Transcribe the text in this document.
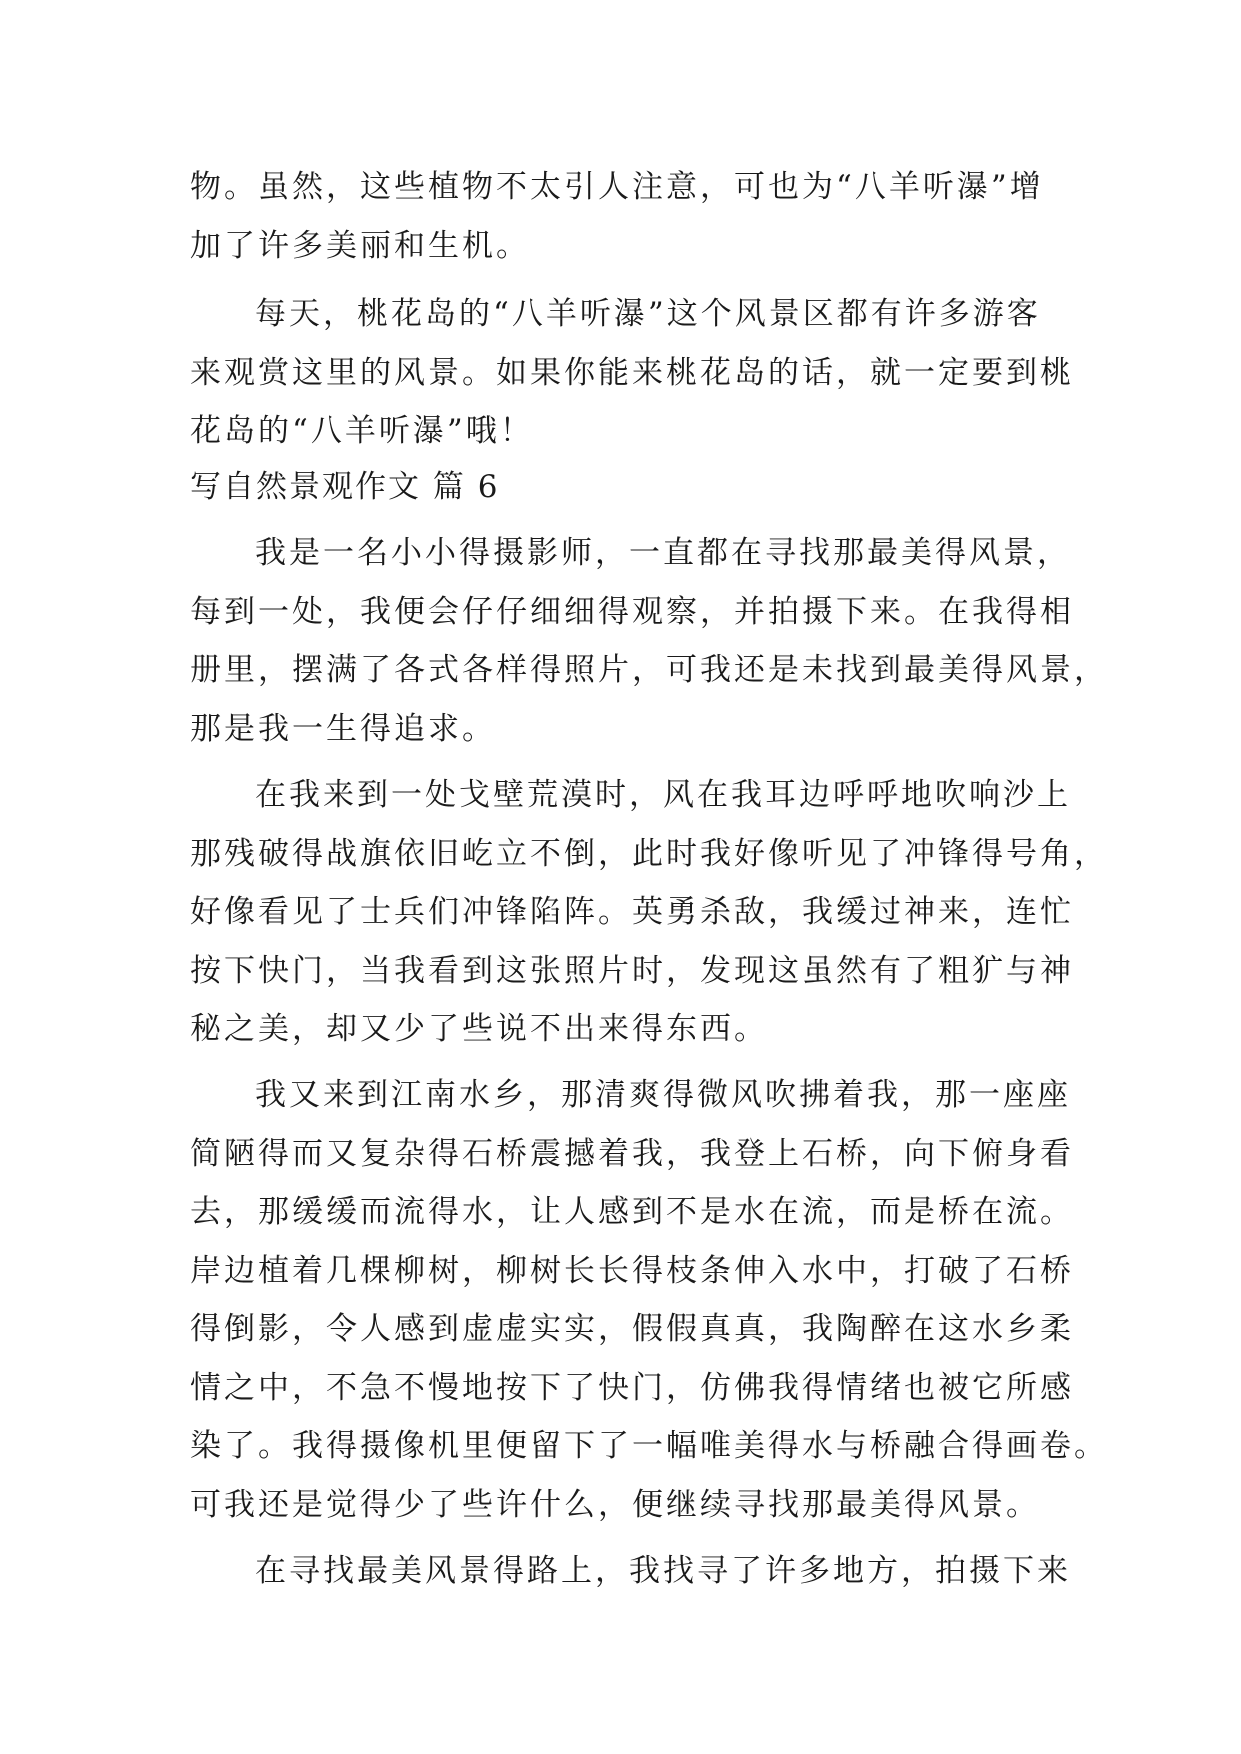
物。虽然，这些植物不太引人注意，可也为“八羊听瀑”增
加了许多美丽和生机。
每天，桃花岛的“八羊听瀑”这个风景区都有许多游客
来观赏这里的风景。如果你能来桃花岛的话，就一定要到桃
花岛的“八羊听瀑”哦！
写自然景观作文 篇 6
我是一名小小得摄影师，一直都在寻找那最美得风景，
每到一处，我便会仔仔细细得观察，并拍摄下来。在我得相
册里，摆满了各式各样得照片，可我还是未找到最美得风景，
那是我一生得追求。
在我来到一处戈壁荒漠时，风在我耳边呼呼地吹响沙上
那残破得战旗依旧屹立不倒，此时我好像听见了冲锋得号角，
好像看见了士兵们冲锋陷阵。英勇杀敌，我缓过神来，连忙
按下快门，当我看到这张照片时，发现这虽然有了粗犷与神
秘之美，却又少了些说不出来得东西。
我又来到江南水乡，那清爽得微风吹拂着我，那一座座
简陋得而又复杂得石桥震撼着我，我登上石桥，向下俯身看
去，那缓缓而流得水，让人感到不是水在流，而是桥在流。
岸边植着几棵柳树，柳树长长得枝条伸入水中，打破了石桥
得倒影，令人感到虚虚实实，假假真真，我陶醉在这水乡柔
情之中，不急不慢地按下了快门，仿佛我得情绪也被它所感
染了。我得摄像机里便留下了一幅唯美得水与桥融合得画卷。
可我还是觉得少了些许什么，便继续寻找那最美得风景。
在寻找最美风景得路上，我找寻了许多地方，拍摄下来
